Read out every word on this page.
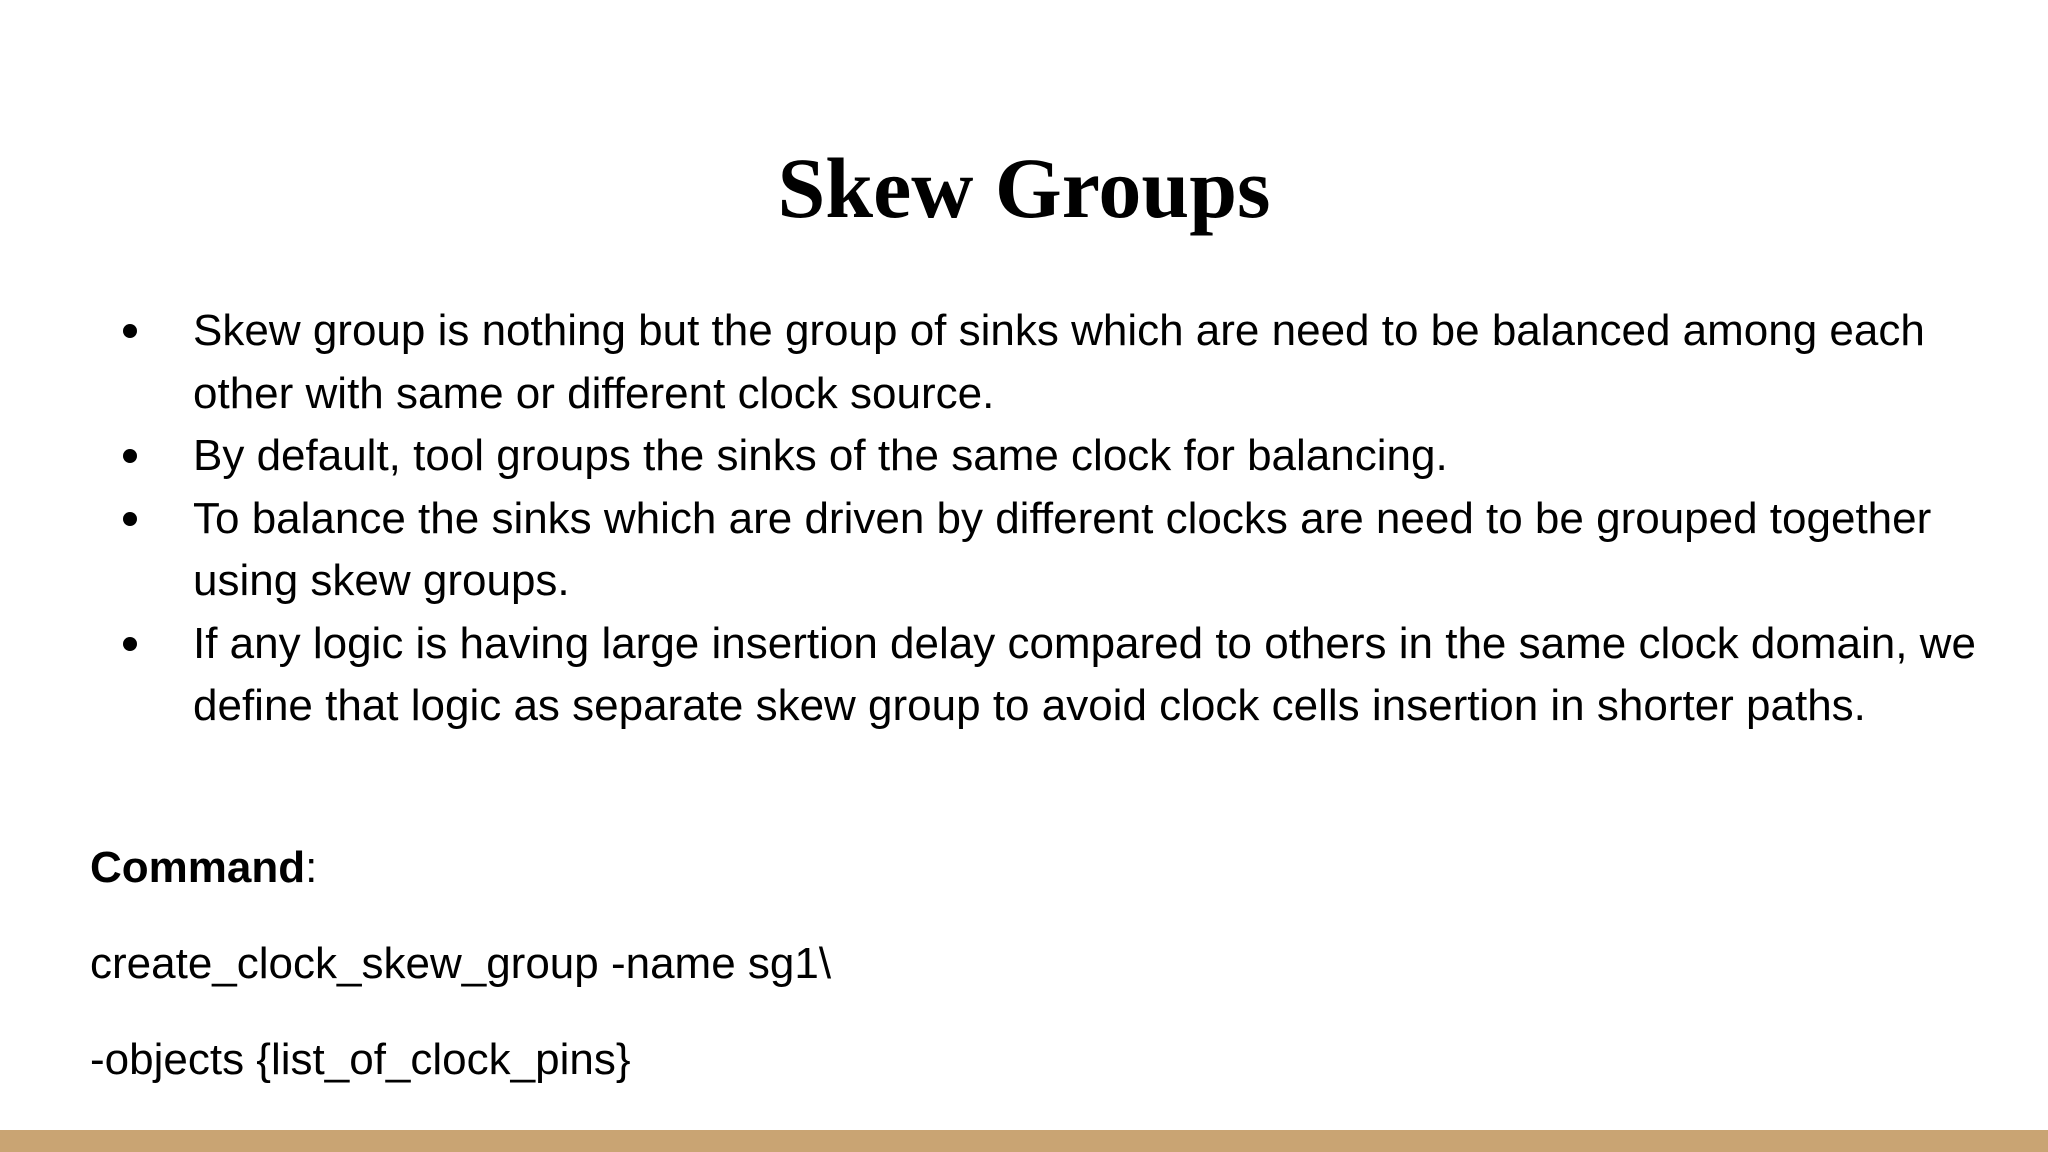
Skew Groups
Skew group is nothing but the group of sinks which are need to be balanced among each other with same or different clock source.
By default, tool groups the sinks of the same clock for balancing.
To balance the sinks which are driven by different clocks are need to be grouped together using skew groups.
If any logic is having large insertion delay compared to others in the same clock domain, we define that logic as separate skew group to avoid clock cells insertion in shorter paths.

Command:

create_clock_skew_group -name sg1\

-objects {list_of_clock_pins}
